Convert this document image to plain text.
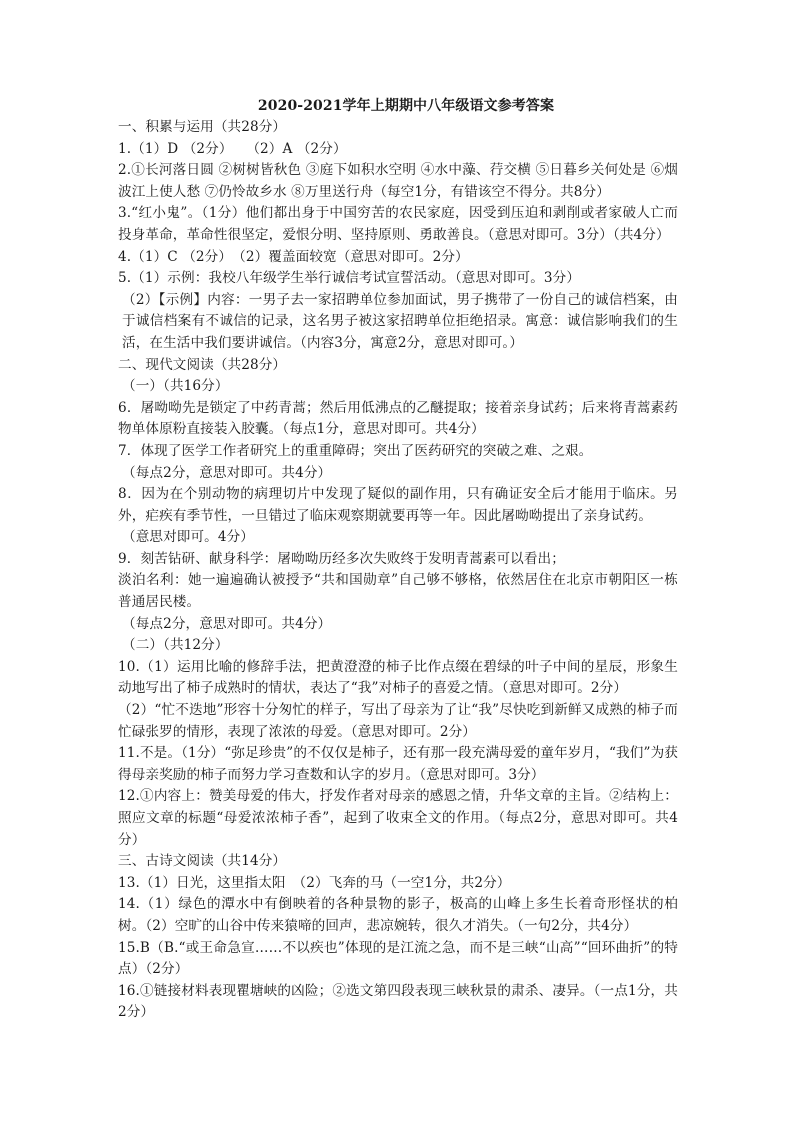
2020-2021学年上期期中八年级语文参考答案

一、积累与运用（共28分）

1.（1）D （2分）　　（2）A （2分）

2.①长河落日圆 ②树树皆秋色 ③庭下如积水空明 ④水中藻、荇交横 ⑤日暮乡关何处是 ⑥烟波江上使人愁 ⑦仍怜故乡水 ⑧万里送行舟（每空1分，有错该空不得分。共8分）

3.“红小鬼”。（1分）他们都出身于中国穷苦的农民家庭，因受到压迫和剥削或者家破人亡而投身革命，革命性很坚定，爱恨分明、坚持原则、勇敢善良。（意思对即可。3分）（共4分）

4.（1）C （2分）　（2）覆盖面较宽（意思对即可。2分）

5.（1）示例：我校八年级学生举行诚信考试宣誓活动。（意思对即可。3分）

（2）【示例】内容：一男子去一家招聘单位参加面试，男子携带了一份自己的诚信档案，由于诚信档案有不诚信的记录，这名男子被这家招聘单位拒绝招录。寓意：诚信影响我们的生活，在生活中我们要讲诚信。（内容3分，寓意2分，意思对即可。）

二、现代文阅读（共28分）

（一）（共16分）

6．屠呦呦先是锁定了中药青蒿；然后用低沸点的乙醚提取；接着亲身试药；后来将青蒿素药物单体原粉直接装入胶囊。（每点1分，意思对即可。共4分）

7．体现了医学工作者研究上的重重障碍；突出了医药研究的突破之难、之艰。

（每点2分，意思对即可。共4分）

8．因为在个别动物的病理切片中发现了疑似的副作用，只有确证安全后才能用于临床。另外，疟疾有季节性，一旦错过了临床观察期就要再等一年。因此屠呦呦提出了亲身试药。

（意思对即可。4分）

9．刻苦钻研、献身科学：屠呦呦历经多次失败终于发明青蒿素可以看出；

淡泊名利：她一遍遍确认被授予“共和国勋章”自己够不够格，依然居住在北京市朝阳区一栋普通居民楼。

（每点2分，意思对即可。共4分）

（二）（共12分）

10.（1）运用比喻的修辞手法，把黄澄澄的柿子比作点缀在碧绿的叶子中间的星辰，形象生动地写出了柿子成熟时的情状，表达了“我”对柿子的喜爱之情。（意思对即可。2分）

（2）“忙不迭地”形容十分匆忙的样子，写出了母亲为了让“我”尽快吃到新鲜又成熟的柿子而忙碌张罗的情形，表现了浓浓的母爱。（意思对即可。2分）

11.不是。（1分）“弥足珍贵”的不仅仅是柿子，还有那一段充满母爱的童年岁月，“我们”为获得母亲奖励的柿子而努力学习查数和认字的岁月。（意思对即可。3分）

12.①内容上：赞美母爱的伟大，抒发作者对母亲的感恩之情，升华文章的主旨。②结构上：照应文章的标题“母爱浓浓柿子香”，起到了收束全文的作用。（每点2分，意思对即可。共4分）

三、古诗文阅读（共14分）

13.（1）日光，这里指太阳　（2）飞奔的马（一空1分，共2分）

14.（1）绿色的潭水中有倒映着的各种景物的影子，极高的山峰上多生长着奇形怪状的柏树。（2）空旷的山谷中传来猿啼的回声，悲凉婉转，很久才消失。（一句2分，共4分）

15.B（B.“或王命急宣……不以疾也”体现的是江流之急，而不是三峡“山高”“回环曲折”的特点）（2分）

16.①链接材料表现瞿塘峡的凶险；②选文第四段表现三峡秋景的肃杀、凄异。（一点1分，共2分）
